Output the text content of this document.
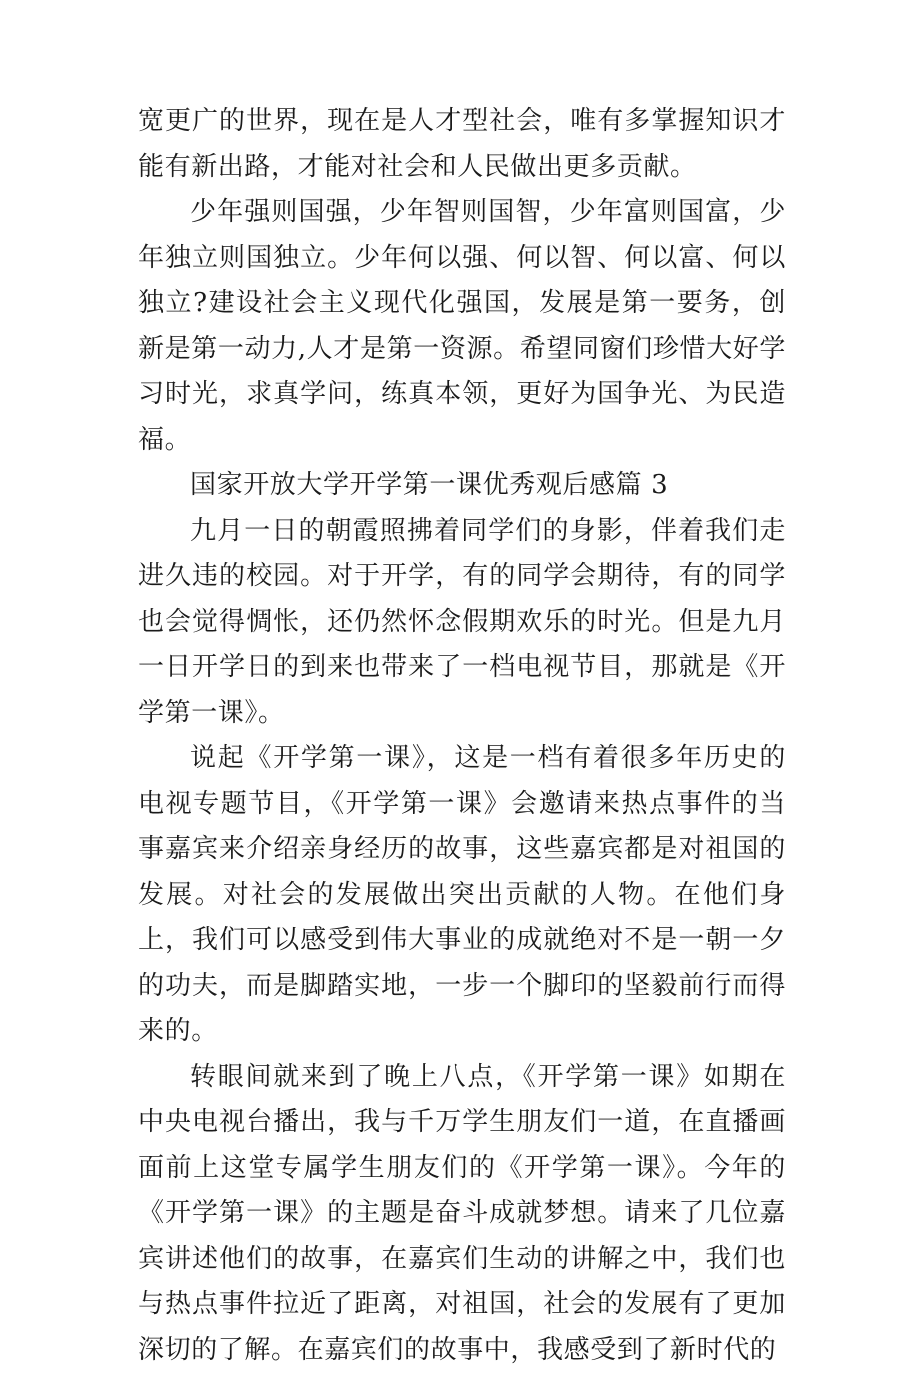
宽更广的世界，现在是人才型社会，唯有多掌握知识才能有新出路，才能对社会和人民做出更多贡献。

少年强则国强，少年智则国智，少年富则国富，少年独立则国独立。少年何以强、何以智、何以富、何以独立?建设社会主义现代化强国，发展是第一要务，创新是第一动力,人才是第一资源。希望同窗们珍惜大好学习时光，求真学问，练真本领，更好为国争光、为民造福。

国家开放大学开学第一课优秀观后感篇 3

九月一日的朝霞照拂着同学们的身影，伴着我们走进久违的校园。对于开学，有的同学会期待，有的同学也会觉得惆怅，还仍然怀念假期欢乐的时光。但是九月一日开学日的到来也带来了一档电视节目，那就是《开学第一课》。

说起《开学第一课》，这是一档有着很多年历史的电视专题节目，《开学第一课》会邀请来热点事件的当事嘉宾来介绍亲身经历的故事，这些嘉宾都是对祖国的发展。对社会的发展做出突出贡献的人物。在他们身上，我们可以感受到伟大事业的成就绝对不是一朝一夕的功夫，而是脚踏实地，一步一个脚印的坚毅前行而得来的。

转眼间就来到了晚上八点，《开学第一课》如期在中央电视台播出，我与千万学生朋友们一道，在直播画面前上这堂专属学生朋友们的《开学第一课》。今年的《开学第一课》的主题是奋斗成就梦想。请来了几位嘉宾讲述他们的故事，在嘉宾们生动的讲解之中，我们也与热点事件拉近了距离，对祖国，社会的发展有了更加深切的了解。在嘉宾们的故事中，我感受到了新时代的
